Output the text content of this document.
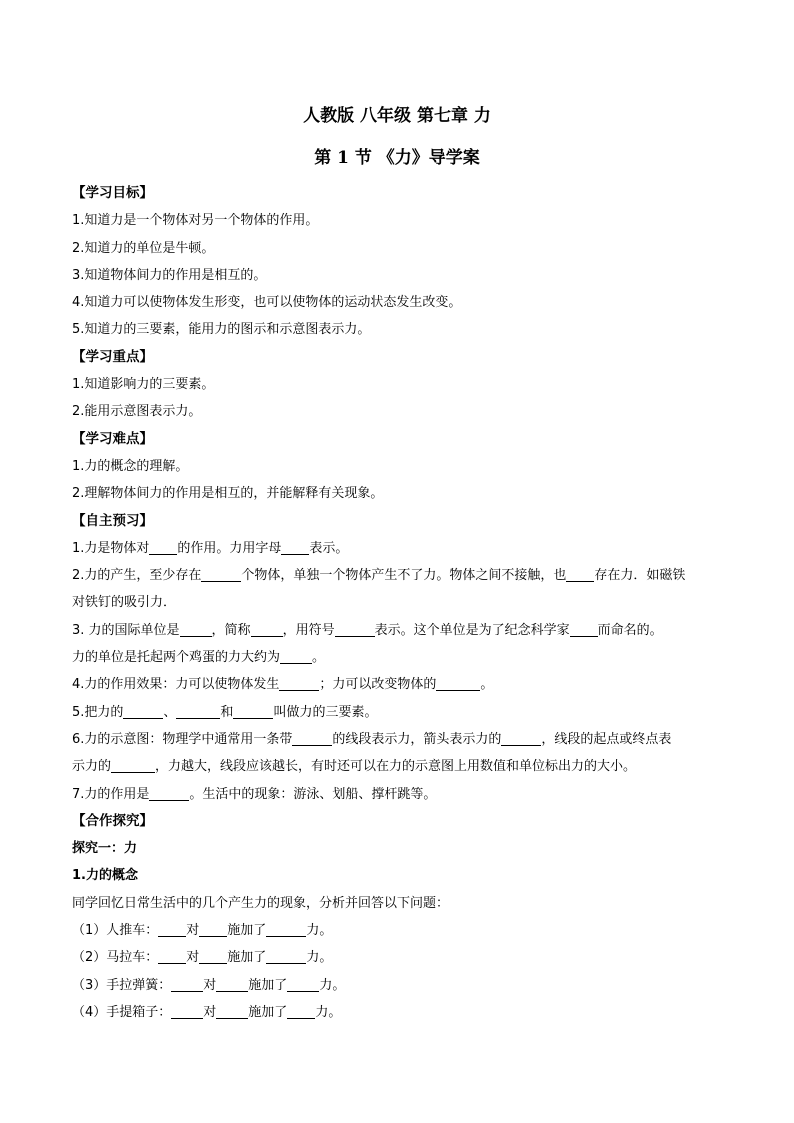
人教版 八年级 第七章 力
第 1 节 《力》导学案
【学习目标】
1.知道力是一个物体对另一个物体的作用。
2.知道力的单位是牛顿。
3.知道物体间力的作用是相互的。
4.知道力可以使物体发生形变，也可以使物体的运动状态发生改变。
5.知道力的三要素，能用力的图示和示意图表示力。
【学习重点】
1.知道影响力的三要素。
2.能用示意图表示力。
【学习难点】
1.力的概念的理解。
2.理解物体间力的作用是相互的，并能解释有关现象。
【自主预习】
1.力是物体对 的作用。力用字母 表示。
2.力的产生，至少存在	个物体，单独一个物体产生不了力。物体之间不接触，也 存在力．如磁铁
对铁钉的吸引力．
3. 力的国际单位是 ，简称 ，用符号	表示。这个单位是为了纪念科学家 而命名的。
力的单位是托起两个鸡蛋的力大约为 。
4.力的作用效果：力可以使物体发生	；力可以改变物体的	。
5.把力的	、	和	叫做力的三要素。
6.力的示意图：物理学中通常用一条带	的线段表示力，箭头表示力的	，线段的起点或终点表
示力的	，力越大，线段应该越长，有时还可以在力的示意图上用数值和单位标出力的大小。
7.力的作用是	。生活中的现象：游泳、划船、撑杆跳等。
【合作探究】
探究一：力
1.力的概念
同学回忆日常生活中的几个产生力的现象，分析并回答以下问题：
（1）人推车： 对 施加了	力。
（2）马拉车： 对 施加了	力。
（3）手拉弹簧： 对 施加了 力。
（4）手提箱子： 对 施加了 力。
